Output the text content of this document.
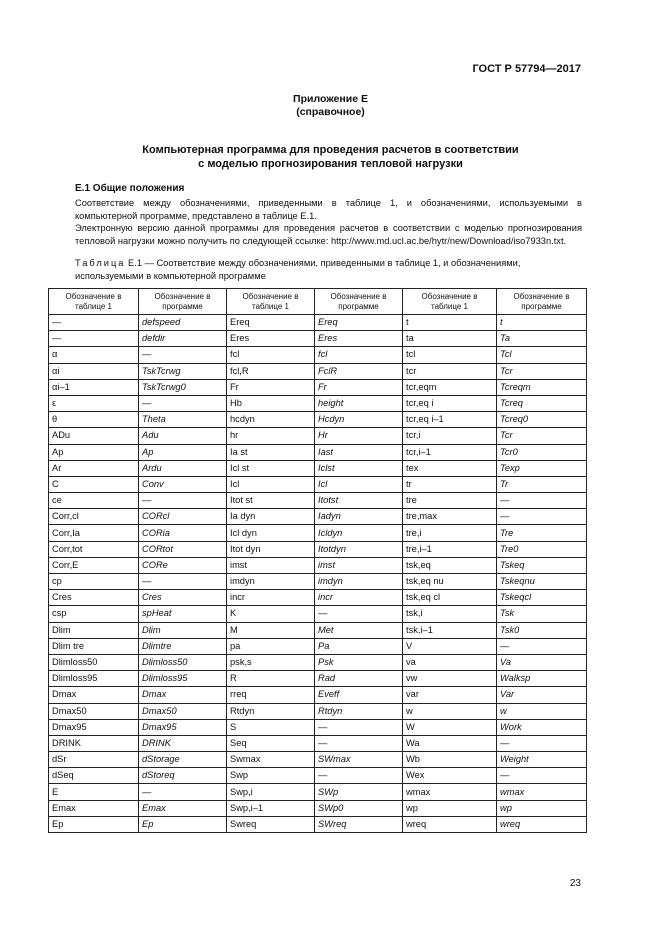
ГОСТ Р 57794—2017
Приложение Е
(справочное)
Компьютерная программа для проведения расчетов в соответствии
с моделью прогнозирования тепловой нагрузки
Е.1 Общие положения

Соответствие между обозначениями, приведенными в таблице 1, и обозначениями, используемыми в компьютерной программе, представлено в таблице Е.1.

Электронную версию данной программы для проведения расчетов в соответствии с моделью прогнозирования тепловой нагрузки можно получить по следующей ссылке: http://www.md.ucl.ac.be/hytr/new/Download/iso7933n.txt.

Таблица Е.1 — Соответствие между обозначениями, приведенными в таблице 1, и обозначениями, используемыми в компьютерной программе

Обозначение в таблице 1	Обозначение в программе	Обозначение в таблице 1	Обозначение в программе	Обозначение в таблице 1	Обозначение в программе
—	defspeed	Ereq	Ereq	t	t
—	defdir	Eres	Eres	ta	Ta
α	—	fcl	fcl	tcl	Tcl
αi	TskTcrwg	fcl,R	FclR	tcr	Tcr
αi–1	TskTcrwg0	Fr	Fr	tcr,eqm	Tcreqm
ε	—	Hb	height	tcr,eq i	Tcreq
θ	Theta	hcdyn	Hcdyn	tcr,eq i–1	Tcreq0
ADu	Adu	hr	Hr	tcr,i	Tcr
Ap	Ap	Ia st	Iast	tcr,i–1	Tcr0
Ar	Ardu	Icl st	Iclst	tex	Texp
C	Conv	Icl	Icl	tr	Tr
ce	—	Itot st	Itotst	tre	—
Corr,cl	CORcl	Ia dyn	Iadyn	tre,max	—
Corr,Ia	CORia	Icl dyn	Icldyn	tre,i	Tre
Corr,tot	CORtot	Itot dyn	Itotdyn	tre,i–1	Tre0
Corr,E	CORe	imst	imst	tsk,eq	Tskeq
cp	—	imdyn	imdyn	tsk,eq nu	Tskeqnu
Cres	Cres	incr	incr	tsk,eq cl	Tskeqcl
csp	spHeat	K	—	tsk,i	Tsk
Dlim	Dlim	M	Met	tsk,i–1	Tsk0
Dlim tre	Dlimtre	pa	Pa	V	—
Dlimloss50	Dlimloss50	psk,s	Psk	va	Va
Dlimloss95	Dlimloss95	R	Rad	vw	Walksp
Dmax	Dmax	rreq	Eveff	var	Var
Dmax50	Dmax50	Rtdyn	Rtdyn	w	w
Dmax95	Dmax95	S	—	W	Work
DRINK	DRINK	Seq	—	Wa	—
dSr	dStorage	Swmax	SWmax	Wb	Weight
dSeq	dStoreq	Swp	—	Wex	—
E	—	Swp,i	SWp	wmax	wmax
Emax	Emax	Swp,i–1	SWp0	wp	wp
Ep	Ep	Swreq	SWreq	wreq	wreq
23
